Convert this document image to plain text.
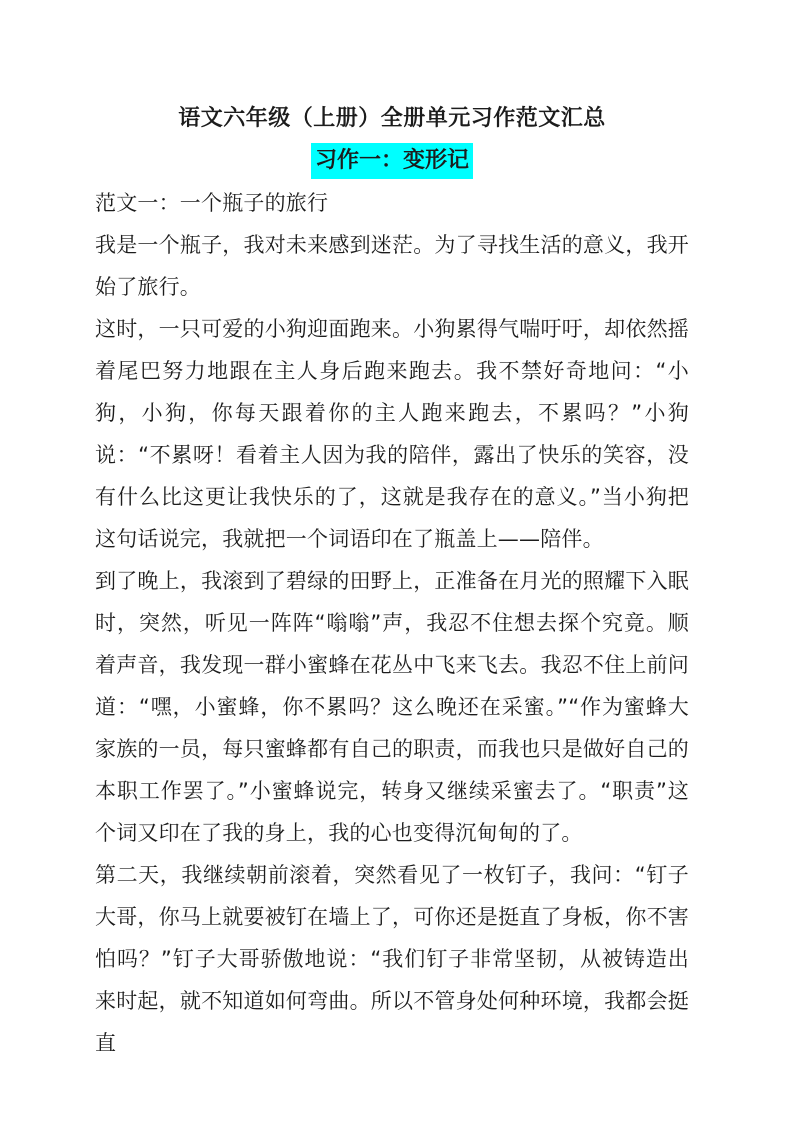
语文六年级（上册）全册单元习作范文汇总
习作一：变形记

范文一：一个瓶子的旅行

我是一个瓶子，我对未来感到迷茫。为了寻找生活的意义，我开始了旅行。

这时，一只可爱的小狗迎面跑来。小狗累得气喘吁吁，却依然摇着尾巴努力地跟在主人身后跑来跑去。我不禁好奇地问：“小狗，小狗，你每天跟着你的主人跑来跑去，不累吗？”小狗说：“不累呀！看着主人因为我的陪伴，露出了快乐的笑容，没有什么比这更让我快乐的了，这就是我存在的意义。”当小狗把这句话说完，我就把一个词语印在了瓶盖上——陪伴。

到了晚上，我滚到了碧绿的田野上，正准备在月光的照耀下入眠时，突然，听见一阵阵“嗡嗡”声，我忍不住想去探个究竟。顺着声音，我发现一群小蜜蜂在花丛中飞来飞去。我忍不住上前问道：“嘿，小蜜蜂，你不累吗？这么晚还在采蜜。”“作为蜜蜂大家族的一员，每只蜜蜂都有自己的职责，而我也只是做好自己的本职工作罢了。”小蜜蜂说完，转身又继续采蜜去了。“职责”这个词又印在了我的身上，我的心也变得沉甸甸的了。

第二天，我继续朝前滚着，突然看见了一枚钉子，我问：“钉子大哥，你马上就要被钉在墙上了，可你还是挺直了身板，你不害怕吗？”钉子大哥骄傲地说：“我们钉子非常坚韧，从被铸造出来时起，就不知道如何弯曲。所以不管身处何种环境，我都会挺直
